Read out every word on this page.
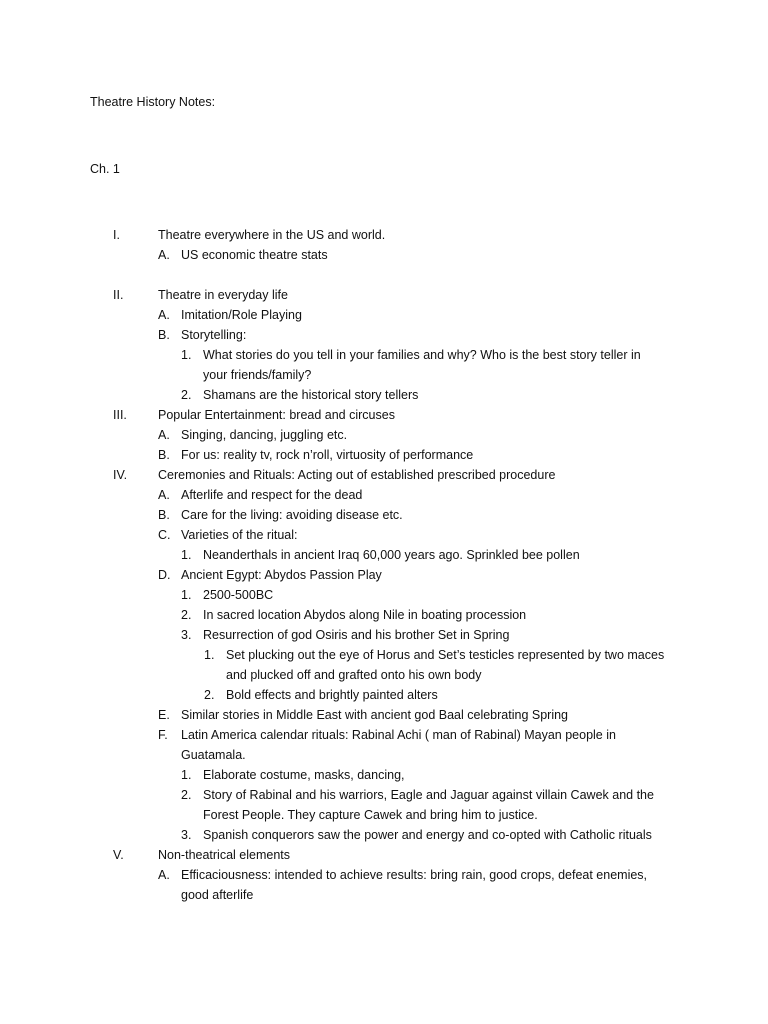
Theatre History Notes:
Ch. 1
I.	Theatre everywhere in the US and world.
A. US economic theatre stats
II.	Theatre in everyday life
A. Imitation/Role Playing
B. Storytelling:
1. What stories do you tell in your families and why? Who is the best story teller in your friends/family?
2. Shamans are the historical story tellers
III.	Popular Entertainment: bread and circuses
A. Singing, dancing, juggling etc.
B. For us: reality tv, rock n’roll, virtuosity of performance
IV.	Ceremonies and Rituals: Acting out of established prescribed procedure
A. Afterlife and respect for the dead
B. Care for the living: avoiding disease etc.
C. Varieties of the ritual:
1. Neanderthals in ancient Iraq 60,000 years ago. Sprinkled bee pollen
D. Ancient Egypt: Abydos Passion Play
1. 2500-500BC
2. In sacred location Abydos along Nile in boating procession
3. Resurrection of god Osiris and his brother Set in Spring
1. Set plucking out the eye of Horus and Set’s testicles represented by two maces and plucked off and grafted onto his own body
2. Bold effects and brightly painted alters
E. Similar stories in Middle East with ancient god Baal celebrating Spring
F.	Latin America calendar rituals: Rabinal Achi ( man of Rabinal) Mayan people in Guatamala.
1. Elaborate costume, masks, dancing,
2. Story of Rabinal and his warriors, Eagle and Jaguar against villain Cawek and the Forest People. They capture Cawek and bring him to justice.
3. Spanish conquerors saw the power and energy and co-opted with Catholic rituals
V.	Non-theatrical elements
A. Efficaciousness: intended to achieve results: bring rain, good crops, defeat enemies, good afterlife
